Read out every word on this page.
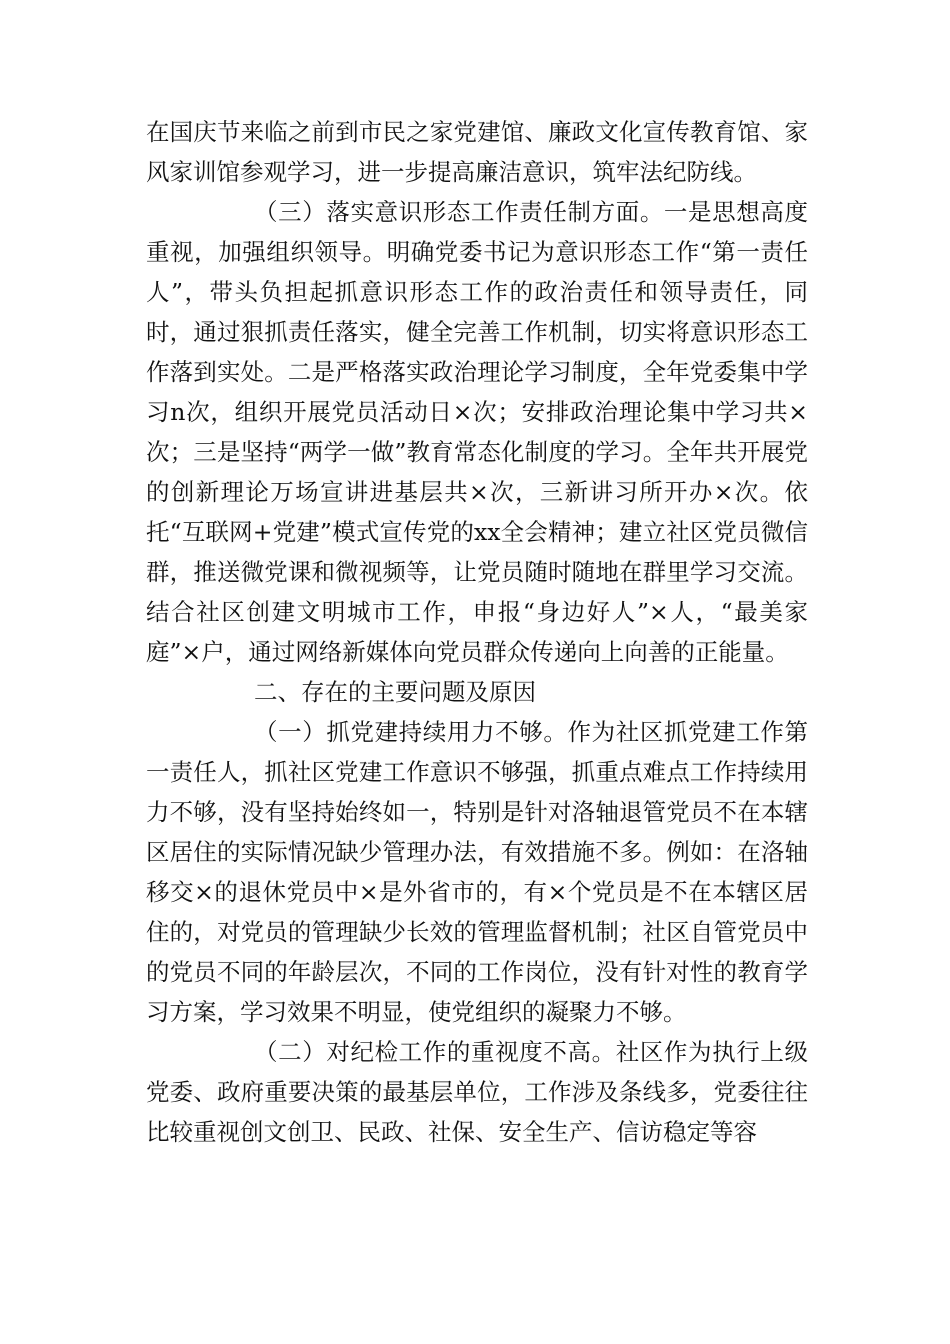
在国庆节来临之前到市民之家党建馆、廉政文化宣传教育馆、家风家训馆参观学习，进一步提高廉洁意识，筑牢法纪防线。

（三）落实意识形态工作责任制方面。一是思想高度重视，加强组织领导。明确党委书记为意识形态工作“第一责任人”，带头负担起抓意识形态工作的政治责任和领导责任，同时，通过狠抓责任落实，健全完善工作机制，切实将意识形态工作落到实处。二是严格落实政治理论学习制度，全年党委集中学习n次，组织开展党员活动日×次；安排政治理论集中学习共×次；三是坚持“两学一做”教育常态化制度的学习。全年共开展党的创新理论万场宣讲进基层共×次，三新讲习所开办×次。依托“互联网+党建”模式宣传党的xx全会精神；建立社区党员微信群，推送微党课和微视频等，让党员随时随地在群里学习交流。结合社区创建文明城市工作，申报“身边好人”×人，“最美家庭”×户，通过网络新媒体向党员群众传递向上向善的正能量。

二、存在的主要问题及原因

（一）抓党建持续用力不够。作为社区抓党建工作第一责任人，抓社区党建工作意识不够强，抓重点难点工作持续用力不够，没有坚持始终如一，特别是针对洛轴退管党员不在本辖区居住的实际情况缺少管理办法，有效措施不多。例如：在洛轴移交×的退休党员中×是外省市的，有×个党员是不在本辖区居住的，对党员的管理缺少长效的管理监督机制；社区自管党员中的党员不同的年龄层次，不同的工作岗位，没有针对性的教育学习方案，学习效果不明显，使党组织的凝聚力不够。

（二）对纪检工作的重视度不高。社区作为执行上级党委、政府重要决策的最基层单位，工作涉及条线多，党委往往比较重视创文创卫、民政、社保、安全生产、信访稳定等容
